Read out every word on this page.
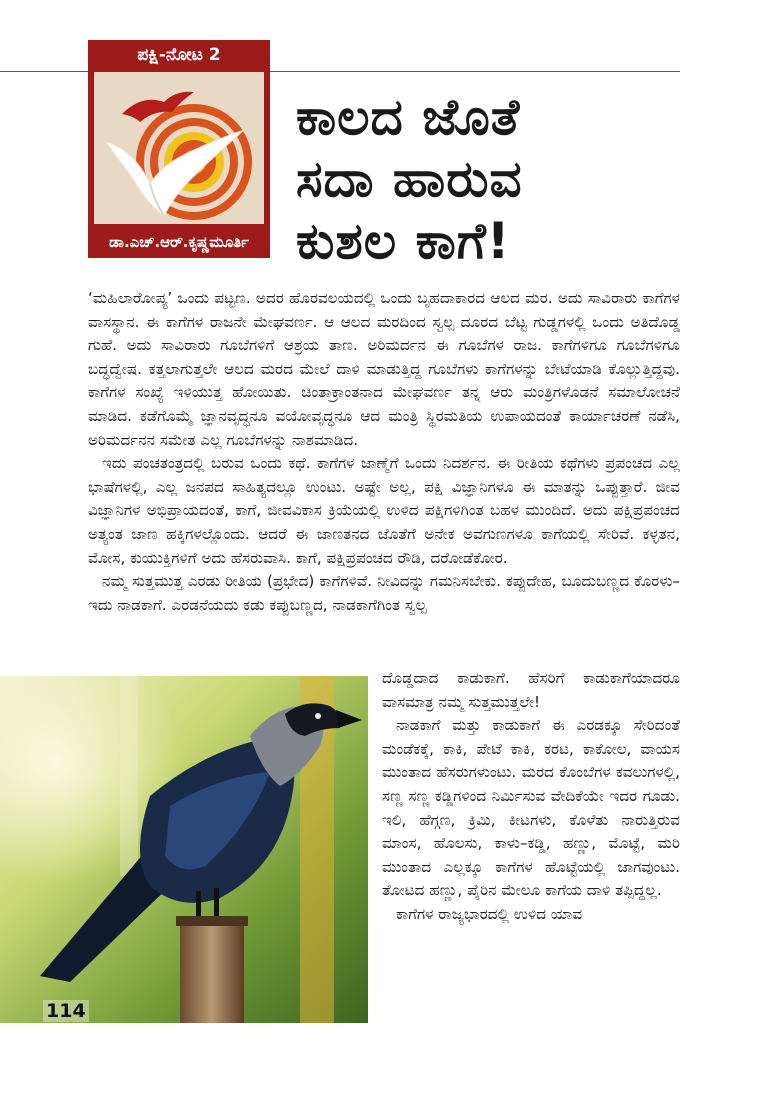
ಪಕ್ಷಿ-ನೋಟ 2
ಡಾ.ಎಚ್.ಆರ್.ಕೃಷ್ಣಮೂರ್ತಿ
ಕಾಲದ ಜೊತೆ
ಸದಾ ಹಾರುವ
ಕುಶಲ ಕಾಗೆ!

‘ಮಹಿಲಾರೋಪ್ಯ’ ಒಂದು ಪಟ್ಟಣ. ಅದರ ಹೊರವಲಯದಲ್ಲಿ ಒಂದು ಬೃಹದಾಕಾರದ ಆಲದ ಮರ. ಅದು ಸಾವಿರಾರು ಕಾಗೆಗಳ ವಾಸಸ್ಥಾನ. ಈ ಕಾಗೆಗಳ ರಾಜನೇ ಮೇಘವರ್ಣ. ಆ ಆಲದ ಮರದಿಂದ ಸ್ವಲ್ಪ ದೂರದ ಬೆಟ್ಟ ಗುಡ್ಡಗಳಲ್ಲಿ ಒಂದು ಅತಿದೊಡ್ಡ ಗುಹೆ. ಅದು ಸಾವಿರಾರು ಗೂಬೆಗಳಿಗೆ ಆಶ್ರಯ ತಾಣ. ಅರಿಮರ್ದನ ಈ ಗೂಬೆಗಳ ರಾಜ. ಕಾಗೆಗಳಿಗೂ ಗೂಬೆಗಳಿಗೂ ಬದ್ಧದ್ವೇಷ. ಕತ್ತಲಾಗುತ್ತಲೇ ಆಲದ ಮರದ ಮೇಲೆ ದಾಳಿ ಮಾಡುತ್ತಿದ್ದ ಗೂಬೆಗಳು ಕಾಗೆಗಳನ್ನು ಬೇಟೆಯಾಡಿ ಕೊಲ್ಲುತ್ತಿದ್ದವು. ಕಾಗೆಗಳ ಸಂಖ್ಯೆ ಇಳಿಯುತ್ತ ಹೋಯಿತು. ಚಿಂತಾಕ್ರಾಂತನಾದ ಮೇಘವರ್ಣ ತನ್ನ ಆರು ಮಂತ್ರಿಗಳೊಡನೆ ಸಮಾಲೋಚನೆ ಮಾಡಿದ. ಕಡೆಗೊಮ್ಮೆ ಜ್ಞಾನವೃದ್ಧನೂ ವಯೋವೃದ್ಧನೂ ಆದ ಮಂತ್ರಿ ಸ್ಥಿರಮತಿಯ ಉಪಾಯದಂತೆ ಕಾರ್ಯಾಚರಣೆ ನಡೆಸಿ, ಅರಿಮರ್ದನನ ಸಮೇತ ಎಲ್ಲ ಗೂಬೆಗಳನ್ನು ನಾಶಮಾಡಿದ.

ಇದು ಪಂಚತಂತ್ರದಲ್ಲಿ ಬರುವ ಒಂದು ಕಥೆ. ಕಾಗೆಗಳ ಜಾಣ್ಮೆಗೆ ಒಂದು ನಿದರ್ಶನ. ಈ ರೀತಿಯ ಕಥೆಗಳು ಪ್ರಪಂಚದ ಎಲ್ಲ ಭಾಷೆಗಳಲ್ಲಿ, ಎಲ್ಲ ಜನಪದ ಸಾಹಿತ್ಯದಲ್ಲೂ ಉಂಟು. ಅಷ್ಟೇ ಅಲ್ಲ, ಪಕ್ಷಿ ವಿಜ್ಞಾನಿಗಳೂ ಈ ಮಾತನ್ನು ಒಪ್ಪುತ್ತಾರೆ. ಜೀವ ವಿಜ್ಞಾನಿಗಳ ಅಭಿಪ್ರಾಯದಂತೆ, ಕಾಗೆ, ಜೀವವಿಕಾಸ ಕ್ರಿಯೆಯಲ್ಲಿ ಉಳಿದ ಪಕ್ಷಿಗಳಿಗಿಂತ ಬಹಳ ಮುಂದಿದೆ. ಅದು ಪಕ್ಷಿಪ್ರಪಂಚದ ಅತ್ಯಂತ ಜಾಣ ಹಕ್ಕಿಗಳಲ್ಲೊಂದು. ಆದರೆ ಈ ಜಾಣತನದ ಜೊತೆಗೆ ಅನೇಕ ಅವಗುಣಗಳೂ ಕಾಗೆಯಲ್ಲಿ ಸೇರಿವೆ. ಕಳ್ಳತನ, ಮೋಸ, ಕುಯುಕ್ತಿಗಳಿಗೆ ಅದು ಹೆಸರುವಾಸಿ. ಕಾಗೆ, ಪಕ್ಷಿಪ್ರಪಂಚದ ರೌಡಿ, ದರೋಡೆಕೋರ.

ನಮ್ಮ ಸುತ್ತಮುತ್ತ ಎರಡು ರೀತಿಯ (ಪ್ರಭೇದ) ಕಾಗೆಗಳಿವೆ. ನೀವಿದನ್ನು ಗಮನಿಸಬೇಕು. ಕಪ್ಪುದೇಹ, ಬೂದುಬಣ್ಣದ ಕೊರಳು– ಇದು ನಾಡಕಾಗೆ. ಎರಡನೆಯದು ಕಡು ಕಪ್ಪುಬಣ್ಣದ, ನಾಡಕಾಗೆಗಿಂತ ಸ್ವಲ್ಪ

114

ದೊಡ್ಡದಾದ ಕಾಡುಕಾಗೆ. ಹೆಸರಿಗೆ ಕಾಡುಕಾಗೆಯಾದರೂ ವಾಸಮಾತ್ರ ನಮ್ಮ ಸುತ್ತಮುತ್ತಲೇ!

ನಾಡಕಾಗೆ ಮತ್ತು ಕಾಡುಕಾಗೆ ಈ ಎರಡಕ್ಕೂ ಸೇರಿದಂತೆ ಮಂಡೆಕಕ್ಕೆ, ಕಾಕಿ, ಪೇಟೆ ಕಾಕಿ, ಕರಟ, ಕಾಕೋಲ, ವಾಯಸ ಮುಂತಾದ ಹೆಸರುಗಳುಂಟು. ಮರದ ಕೊಂಬೆಗಳ ಕವಲುಗಳಲ್ಲಿ, ಸಣ್ಣ ಸಣ್ಣ ಕಡ್ಡಿಗಳಿಂದ ನಿರ್ಮಿಸುವ ವೇದಿಕೆಯೇ ಇದರ ಗೂಡು. ಇಲಿ, ಹೆಗ್ಗಣ, ಕ್ರಿಮಿ, ಕೀಟಗಳು, ಕೊಳೆತು ನಾರುತ್ತಿರುವ ಮಾಂಸ, ಹೊಲಸು, ಕಾಳು–ಕಡ್ಡಿ, ಹಣ್ಣು, ಮೊಟ್ಟೆ, ಮರಿ ಮುಂತಾದ ಎಲ್ಲಕ್ಕೂ ಕಾಗೆಗಳ ಹೊಟ್ಟೆಯಲ್ಲಿ ಜಾಗವುಂಟು. ತೋಟದ ಹಣ್ಣು, ಪೈರಿನ ಮೇಲೂ ಕಾಗೆಯ ದಾಳಿ ತಪ್ಪಿದ್ದಲ್ಲ.

ಕಾಗೆಗಳ ರಾಜ್ಯಭಾರದಲ್ಲಿ ಉಳಿದ ಯಾವ
